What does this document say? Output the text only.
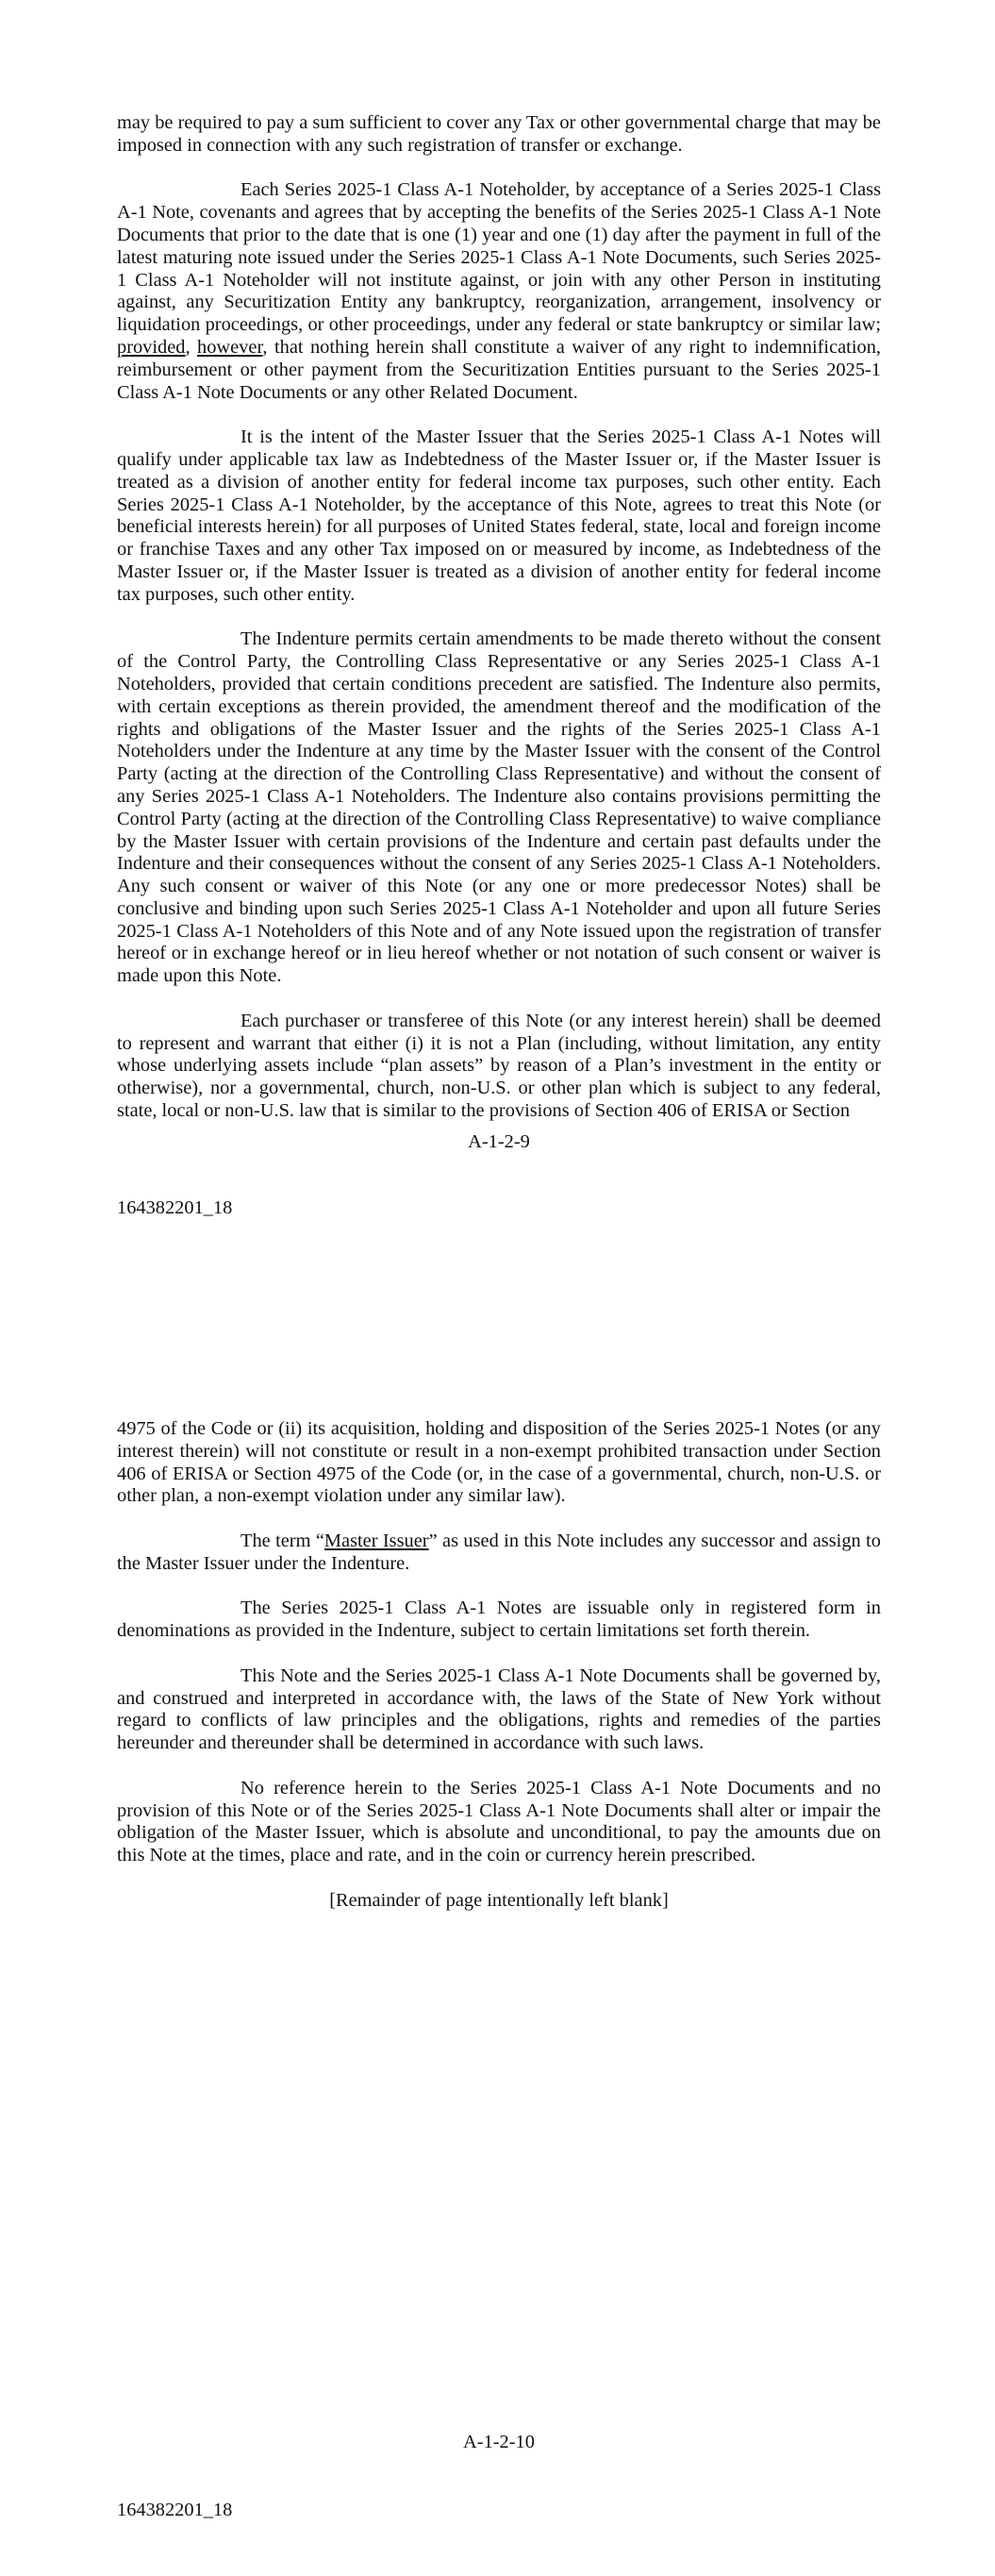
may be required to pay a sum sufficient to cover any Tax or other governmental charge that may be imposed in connection with any such registration of transfer or exchange.

Each Series 2025-1 Class A-1 Noteholder, by acceptance of a Series 2025-1 Class A-1 Note, covenants and agrees that by accepting the benefits of the Series 2025-1 Class A-1 Note Documents that prior to the date that is one (1) year and one (1) day after the payment in full of the latest maturing note issued under the Series 2025-1 Class A-1 Note Documents, such Series 2025-1 Class A-1 Noteholder will not institute against, or join with any other Person in instituting against, any Securitization Entity any bankruptcy, reorganization, arrangement, insolvency or liquidation proceedings, or other proceedings, under any federal or state bankruptcy or similar law; provided, however, that nothing herein shall constitute a waiver of any right to indemnification, reimbursement or other payment from the Securitization Entities pursuant to the Series 2025-1 Class A-1 Note Documents or any other Related Document.

It is the intent of the Master Issuer that the Series 2025-1 Class A-1 Notes will qualify under applicable tax law as Indebtedness of the Master Issuer or, if the Master Issuer is treated as a division of another entity for federal income tax purposes, such other entity. Each Series 2025-1 Class A-1 Noteholder, by the acceptance of this Note, agrees to treat this Note (or beneficial interests herein) for all purposes of United States federal, state, local and foreign income or franchise Taxes and any other Tax imposed on or measured by income, as Indebtedness of the Master Issuer or, if the Master Issuer is treated as a division of another entity for federal income tax purposes, such other entity.

The Indenture permits certain amendments to be made thereto without the consent of the Control Party, the Controlling Class Representative or any Series 2025-1 Class A-1 Noteholders, provided that certain conditions precedent are satisfied. The Indenture also permits, with certain exceptions as therein provided, the amendment thereof and the modification of the rights and obligations of the Master Issuer and the rights of the Series 2025-1 Class A-1 Noteholders under the Indenture at any time by the Master Issuer with the consent of the Control Party (acting at the direction of the Controlling Class Representative) and without the consent of any Series 2025-1 Class A-1 Noteholders. The Indenture also contains provisions permitting the Control Party (acting at the direction of the Controlling Class Representative) to waive compliance by the Master Issuer with certain provisions of the Indenture and certain past defaults under the Indenture and their consequences without the consent of any Series 2025-1 Class A-1 Noteholders. Any such consent or waiver of this Note (or any one or more predecessor Notes) shall be conclusive and binding upon such Series 2025-1 Class A-1 Noteholder and upon all future Series 2025-1 Class A-1 Noteholders of this Note and of any Note issued upon the registration of transfer hereof or in exchange hereof or in lieu hereof whether or not notation of such consent or waiver is made upon this Note.

Each purchaser or transferee of this Note (or any interest herein) shall be deemed to represent and warrant that either (i) it is not a Plan (including, without limitation, any entity whose underlying assets include “plan assets” by reason of a Plan’s investment in the entity or otherwise), nor a governmental, church, non-U.S. or other plan which is subject to any federal, state, local or non-U.S. law that is similar to the provisions of Section 406 of ERISA or Section

A-1-2-9
164382201_18

4975 of the Code or (ii) its acquisition, holding and disposition of the Series 2025-1 Notes (or any interest therein) will not constitute or result in a non-exempt prohibited transaction under Section 406 of ERISA or Section 4975 of the Code (or, in the case of a governmental, church, non-U.S. or other plan, a non-exempt violation under any similar law).

The term “Master Issuer” as used in this Note includes any successor and assign to the Master Issuer under the Indenture.

The Series 2025-1 Class A-1 Notes are issuable only in registered form in denominations as provided in the Indenture, subject to certain limitations set forth therein.

This Note and the Series 2025-1 Class A-1 Note Documents shall be governed by, and construed and interpreted in accordance with, the laws of the State of New York without regard to conflicts of law principles and the obligations, rights and remedies of the parties hereunder and thereunder shall be determined in accordance with such laws.

No reference herein to the Series 2025-1 Class A-1 Note Documents and no provision of this Note or of the Series 2025-1 Class A-1 Note Documents shall alter or impair the obligation of the Master Issuer, which is absolute and unconditional, to pay the amounts due on this Note at the times, place and rate, and in the coin or currency herein prescribed.

[Remainder of page intentionally left blank]

A-1-2-10
164382201_18
